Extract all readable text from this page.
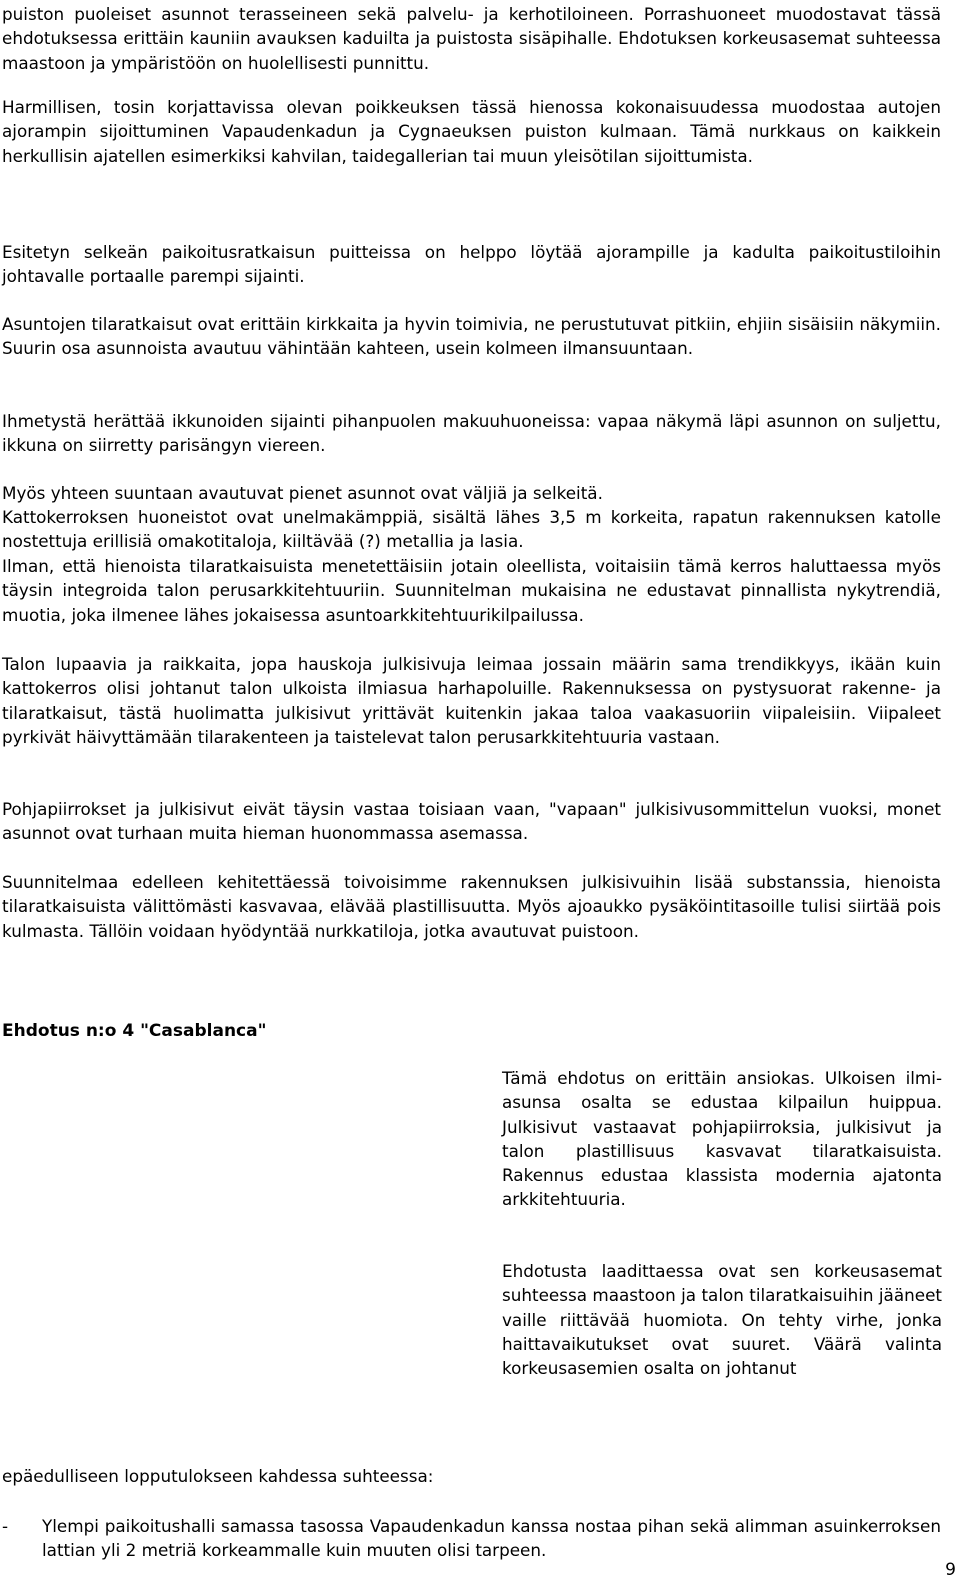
puiston puoleiset asunnot terasseineen sekä palvelu- ja kerhotiloineen. Porrashuoneet muodostavat tässä ehdotuksessa erittäin kauniin avauksen kaduilta ja puistosta sisäpihalle. Ehdotuksen korkeusasemat suhteessa maastoon ja ympäristöön on huolellisesti punnittu.

Harmillisen, tosin korjattavissa olevan poikkeuksen tässä hienossa kokonaisuudessa muodostaa autojen ajorampin sijoittuminen Vapaudenkadun ja Cygnaeuksen puiston kulmaan. Tämä nurkkaus on kaikkein herkullisin ajatellen esimerkiksi kahvilan, taidegallerian tai muun yleisötilan sijoittumista.

Esitetyn selkeän paikoitusratkaisun puitteissa on helppo löytää ajorampille ja kadulta paikoitustiloihin johtavalle portaalle parempi sijainti.

Asuntojen tilaratkaisut ovat erittäin kirkkaita ja hyvin toimivia, ne perustutuvat pitkiin, ehjiin sisäisiin näkymiin. Suurin osa asunnoista avautuu vähintään kahteen, usein kolmeen ilmansuuntaan.

Ihmetystä herättää ikkunoiden sijainti pihanpuolen makuuhuoneissa: vapaa näkymä läpi asunnon on suljettu, ikkuna on siirretty parisängyn viereen.

Myös yhteen suuntaan avautuvat pienet asunnot ovat väljiä ja selkeitä.

Kattokerroksen huoneistot ovat unelmakämppiä, sisältä lähes 3,5 m korkeita, rapatun rakennuksen katolle nostettuja erillisiä omakotitaloja, kiiltävää (?) metallia ja lasia.

Ilman, että hienoista tilaratkaisuista menetettäisiin jotain oleellista, voitaisiin tämä kerros haluttaessa myös täysin integroida talon perusarkkitehtuuriin. Suunnitelman mukaisina ne edustavat pinnallista nykytrendiä, muotia, joka ilmenee lähes jokaisessa asuntoarkkitehtuurikilpailussa.

Talon lupaavia ja raikkaita, jopa hauskoja julkisivuja leimaa jossain määrin sama trendikkyys, ikään kuin kattokerros olisi johtanut talon ulkoista ilmiasua harhapoluille. Rakennuksessa on pystysuorat rakenne- ja tilaratkaisut, tästä huolimatta julkisivut yrittävät kuitenkin jakaa taloa vaakasuoriin viipaleisiin. Viipaleet pyrkivät häivyttämään tilarakenteen ja taistelevat talon perusarkkitehtuuria vastaan.

Pohjapiirrokset ja julkisivut eivät täysin vastaa toisiaan vaan, "vapaan" julkisivusommittelun vuoksi, monet asunnot ovat turhaan muita hieman huonommassa asemassa.

Suunnitelmaa edelleen kehitettäessä toivoisimme rakennuksen julkisivuihin lisää substanssia, hienoista tilaratkaisuista välittömästi kasvavaa, elävää plastillisuutta. Myös ajoaukko pysäköintitasoille tulisi siirtää pois kulmasta. Tällöin voidaan hyödyntää nurkkatiloja, jotka avautuvat puistoon.

Ehdotus n:o 4 "Casablanca"

Tämä ehdotus on erittäin ansiokas. Ulkoisen ilmi-asunsa osalta se edustaa kilpailun huippua. Julkisivut vastaavat pohjapiirroksia, julkisivut ja talon plastillisuus kasvavat tilaratkaisuista. Rakennus edustaa klassista modernia ajatonta arkkitehtuuria.

Ehdotusta laadittaessa ovat sen korkeusasemat suhteessa maastoon ja talon tilaratkaisuihin jääneet vaille riittävää huomiota. On tehty virhe, jonka haittavaikutukset ovat suuret. Väärä valinta korkeusasemien osalta on johtanut

epäedulliseen lopputulokseen kahdessa suhteessa:

- Ylempi paikoitushalli samassa tasossa Vapaudenkadun kanssa nostaa pihan sekä alimman asuinkerroksen lattian yli 2 metriä korkeammalle kuin muuten olisi tarpeen.
9
